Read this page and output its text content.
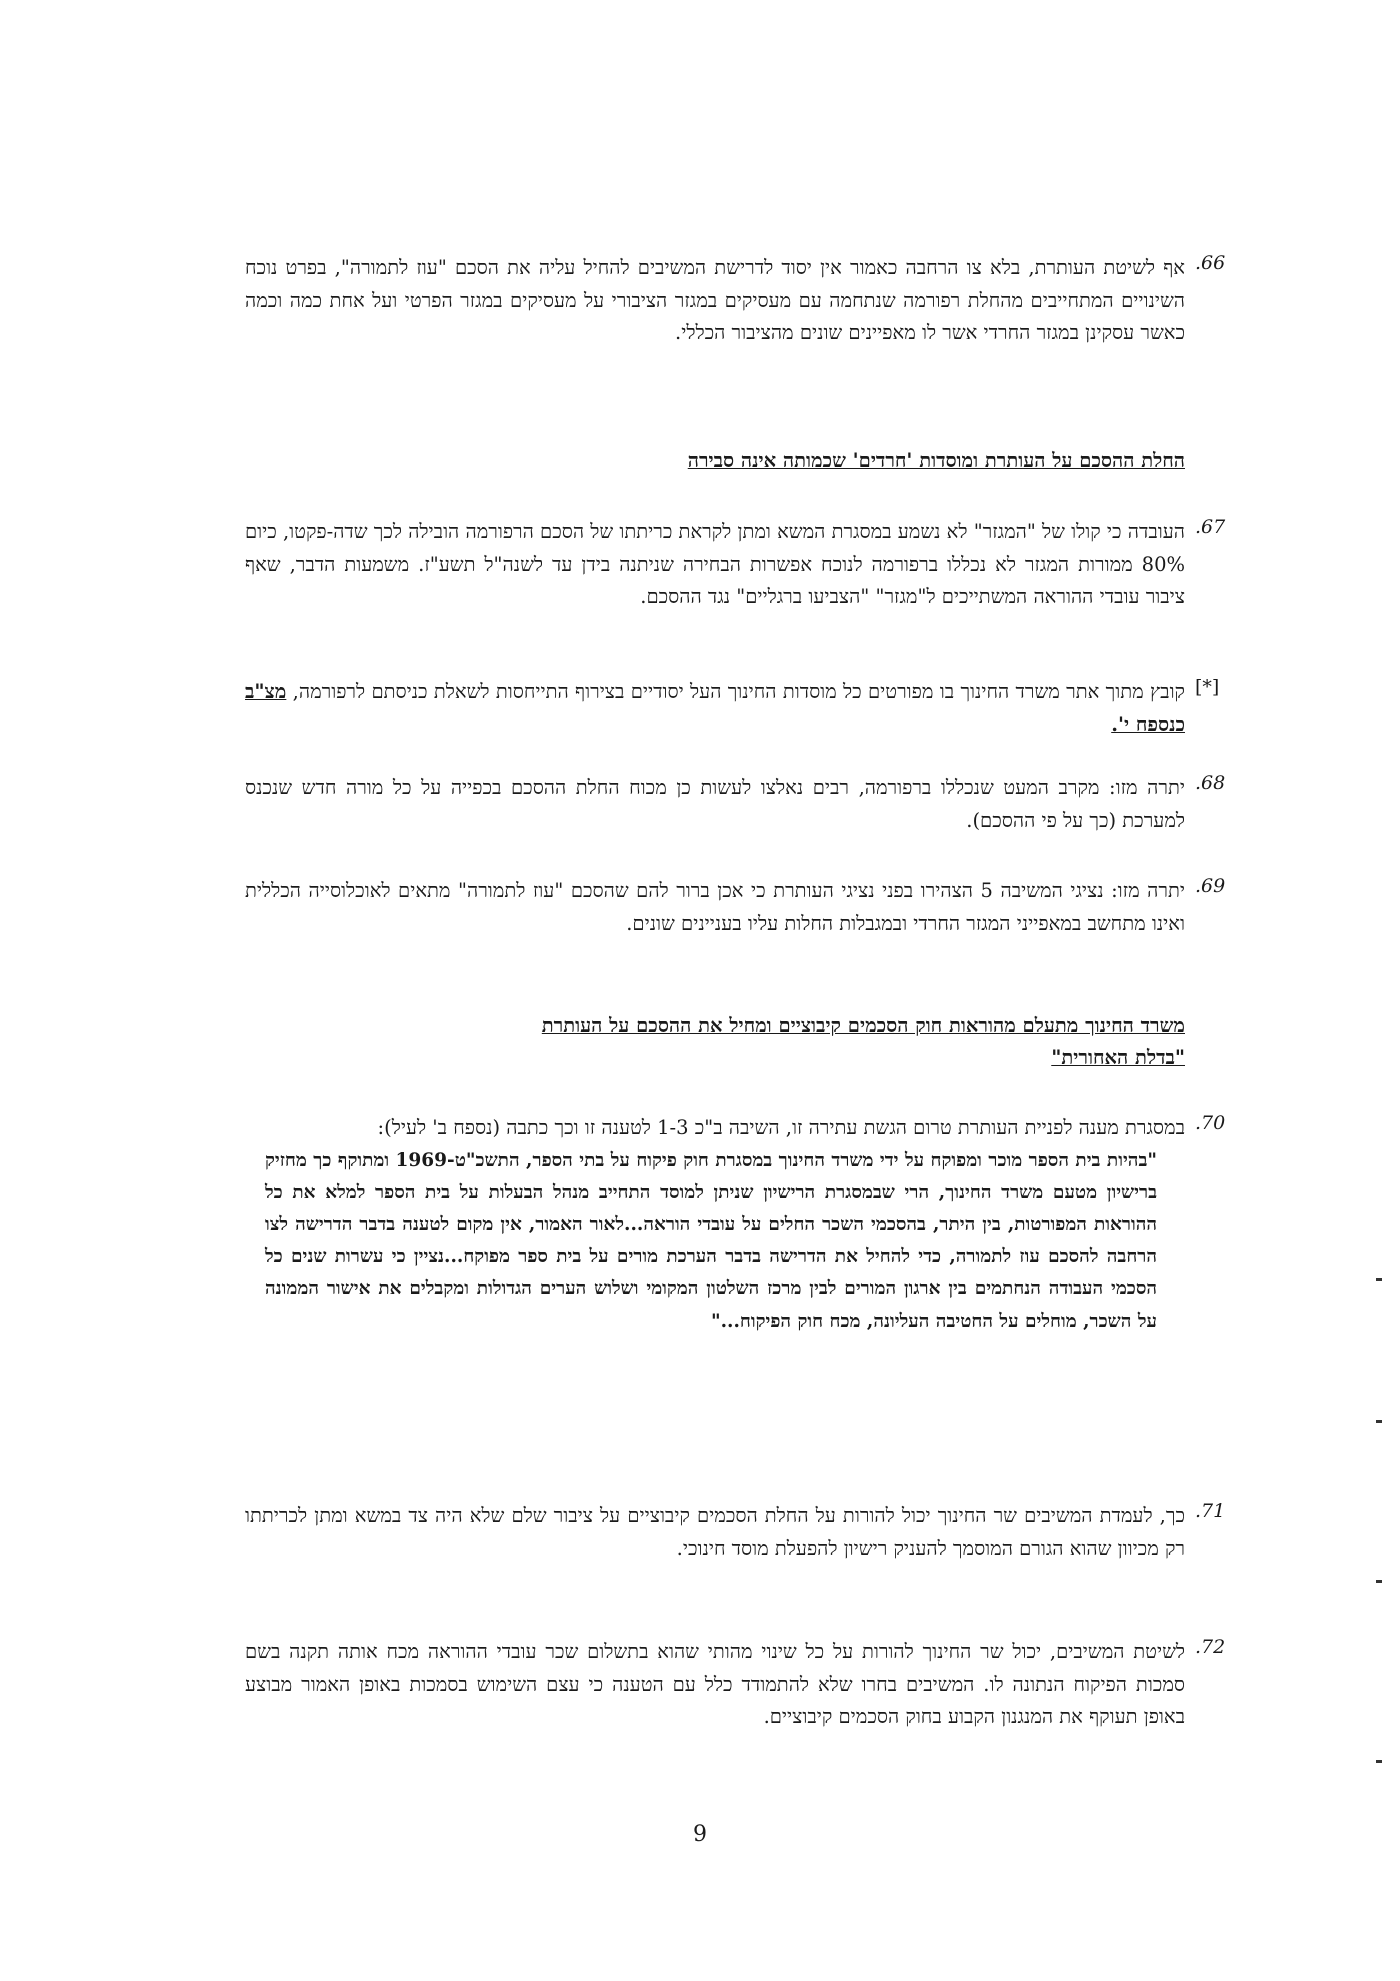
.66
אף לשיטת העותרת, בלא צו הרחבה כאמור אין יסוד לדרישת המשיבים להחיל עליה את הסכם "עוז לתמורה", בפרט נוכח השינויים המתחייבים מהחלת רפורמה שנתחמה עם מעסיקים במגזר הציבורי על מעסיקים במגזר הפרטי ועל אחת כמה וכמה כאשר עסקינן במגזר החרדי אשר לו מאפיינים שונים מהציבור הכללי.
החלת ההסכם על העותרת ומוסדות 'חרדים' שכמותה אינה סבירה
.67
העובדה כי קולו של "המגזר" לא נשמע במסגרת המשא ומתן לקראת כריתתו של הסכם הרפורמה הובילה לכך שדה-פקטו, כיום 80% ממורות המגזר לא נכללו ברפורמה לנוכח אפשרות הבחירה שניתנה בידן עד לשנה"ל תשע"ז. משמעות הדבר, שאף ציבור עובדי ההוראה המשתייכים ל"מגזר" "הצביעו ברגליים" נגד ההסכם.
[*]
קובץ מתוך אתר משרד החינוך בו מפורטים כל מוסדות החינוך העל יסודיים בצירוף התייחסות לשאלת כניסתם לרפורמה, מצ"ב כנספח י'.
.68
יתרה מזו: מקרב המעט שנכללו ברפורמה, רבים נאלצו לעשות כן מכוח החלת ההסכם בכפייה על כל מורה חדש שנכנס למערכת (כך על פי ההסכם).
.69
יתרה מזו: נציגי המשיבה 5 הצהירו בפני נציגי העותרת כי אכן ברור להם שהסכם "עוז לתמורה" מתאים לאוכלוסייה הכללית ואינו מתחשב במאפייני המגזר החרדי ובמגבלות החלות עליו בעניינים שונים.
משרד החינוך מתעלם מהוראות חוק הסכמים קיבוציים ומחיל את ההסכם על העותרת
"בדלת האחורית"
.70
במסגרת מענה לפניית העותרת טרום הגשת עתירה זו, השיבה ב"כ 1-3 לטענה זו וכך כתבה (נספח ב' לעיל):
"בהיות בית הספר מוכר ומפוקח על ידי משרד החינוך במסגרת חוק פיקוח על בתי הספר, התשכ"ט-1969 ומתוקף כך מחזיק ברישיון מטעם משרד החינוך, הרי שבמסגרת הרישיון שניתן למוסד התחייב מנהל הבעלות על בית הספר למלא את כל ההוראות המפורטות, בין היתר, בהסכמי השכר החלים על עובדי הוראה...לאור האמור, אין מקום לטענה בדבר הדרישה לצו הרחבה להסכם עוז לתמורה, כדי להחיל את הדרישה בדבר הערכת מורים על בית ספר מפוקח...נציין כי עשרות שנים כל הסכמי העבודה הנחתמים בין ארגון המורים לבין מרכז השלטון המקומי ושלוש הערים הגדולות ומקבלים את אישור הממונה על השכר, מוחלים על החטיבה העליונה, מכח חוק הפיקוח..."
.71
כך, לעמדת המשיבים שר החינוך יכול להורות על החלת הסכמים קיבוציים על ציבור שלם שלא היה צד במשא ומתן לכריתתו רק מכיוון שהוא הגורם המוסמך להעניק רישיון להפעלת מוסד חינוכי.
.72
לשיטת המשיבים, יכול שר החינוך להורות על כל שינוי מהותי שהוא בתשלום שכר עובדי ההוראה מכח אותה תקנה בשם סמכות הפיקוח הנתונה לו. המשיבים בחרו שלא להתמודד כלל עם הטענה כי עצם השימוש בסמכות באופן האמור מבוצע באופן תעוקף את המנגנון הקבוע בחוק הסכמים קיבוציים.
9
